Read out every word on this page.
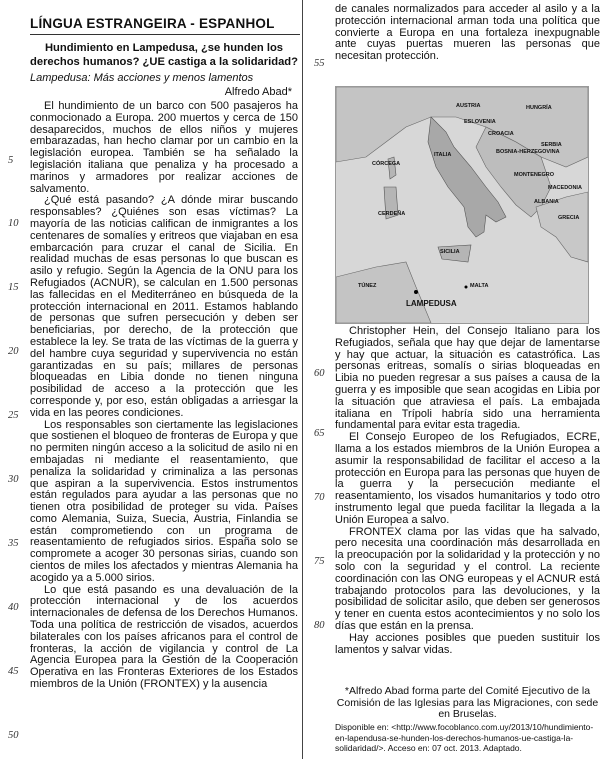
LÍNGUA ESTRANGEIRA - ESPANHOL
Hundimiento en Lampedusa, ¿se hunden los derechos humanos? ¿UE castiga a la solidaridad?
Lampedusa: Más acciones y menos lamentos
Alfredo Abad*

El hundimiento de un barco con 500 pasajeros ha conmocionado a Europa. 200 muertos y cerca de 150 desaparecidos, muchos de ellos niños y mujeres embarazadas, han hecho clamar por un cambio en la legislación europea. También se ha señalado la legislación italiana que penaliza y ha procesado a marinos y armadores por realizar acciones de salvamento.

¿Qué está pasando? ¿A dónde mirar buscando responsables? ¿Quiénes son esas víctimas? La mayoría de las noticias califican de inmigrantes a los centenares de somalíes y eritreos que viajaban en esa embarcación para cruzar el canal de Sicilia. En realidad muchas de esas personas lo que buscan es asilo y refugio. Según la Agencia de la ONU para los Refugiados (ACNUR), se calculan en 1.500 personas las fallecidas en el Mediterráneo en búsqueda de la protección internacional en 2011. Estamos hablando de personas que sufren persecución y deben ser beneficiarias, por derecho, de la protección que establece la ley. Se trata de las víctimas de la guerra y del hambre cuya seguridad y supervivencia no están garantizadas en su país; millares de personas bloqueadas en Libia donde no tienen ninguna posibilidad de acceso a la protección que les corresponde y, por eso, están obligadas a arriesgar la vida en las peores condiciones.

Los responsables son ciertamente las legislaciones que sostienen el bloqueo de fronteras de Europa y que no permiten ningún acceso a la solicitud de asilo ni en embajadas ni mediante el reasentamiento, que penaliza la solidaridad y criminaliza a las personas que aspiran a la supervivencia. Estos instrumentos están regulados para ayudar a las personas que no tienen otra posibilidad de proteger su vida. Países como Alemania, Suiza, Suecia, Austria, Finlandia se están comprometiendo con un programa de reasentamiento de refugiados sirios. España solo se compromete a acoger 30 personas sirias, cuando son cientos de miles los afectados y mientras Alemania ha acogido ya a 5.000 sirios.

Lo que está pasando es una devaluación de la protección internacional y de los acuerdos internacionales de defensa de los Derechos Humanos. Toda una política de restricción de visados, acuerdos bilaterales con los países africanos para el control de fronteras, la acción de vigilancia y control de La Agencia Europea para la Gestión de la Cooperación Operativa en las Fronteras Exteriores de los Estados miembros de la Unión (FRONTEX) y la ausencia

5
10
15
20
25
30
35
40
45
50
de canales normalizados para acceder al asilo y a la protección internacional arman toda una política que convierte a Europa en una fortaleza inexpugnable ante cuyas puertas mueren las personas que necesitan protección.
AUSTRIA	HUNGRÍA
ESLOVENIA
CROACIA
BOSNIA-HERZEGOVINA
SERBIA
MONTENEGRO
MACEDONIA
ALBANIA
GRECIA
ITALIA
CÓRCEGA
CERDEÑA
SICILIA
MALTA
TÚNEZ
LAMPEDUSA

Christopher Hein, del Consejo Italiano para los Refugiados, señala que hay que dejar de lamentarse y hay que actuar, la situación es catastrófica. Las personas eritreas, somalís o sirias bloqueadas en Libia no pueden regresar a sus países a causa de la guerra y es imposible que sean acogidas en Libia por la situación que atraviesa el país. La embajada italiana en Trípoli habría sido una herramienta fundamental para evitar esta tragedia.

El Consejo Europeo de los Refugiados, ECRE, llama a los estados miembros de la Unión Europea a asumir la responsabilidad de facilitar el acceso a la protección en Europa para las personas que huyen de la guerra y la persecución mediante el reasentamiento, los visados humanitarios y todo otro instrumento legal que pueda facilitar la llegada a la Unión Europea a salvo.

FRONTEX clama por las vidas que ha salvado, pero necesita una coordinación más desarrollada en la preocupación por la solidaridad y la protección y no solo con la seguridad y el control. La reciente coordinación con las ONG europeas y el ACNUR está trabajando protocolos para las devoluciones, y la posibilidad de solicitar asilo, que deben ser generosos y tener en cuenta estos acontecimientos y no solo los días que están en la prensa.

Hay acciones posibles que pueden sustituir los lamentos y salvar vidas.

*Alfredo Abad forma parte del Comité Ejecutivo de la Comisión de las Iglesias para las Migraciones, con sede en Bruselas.
Disponible en: <http://www.focoblanco.com.uy/2013/10/hundimiento-en-lapendusa-se-hunden-los-derechos-humanos-ue-castiga-la-solidaridad/>. Acceso en: 07 oct. 2013. Adaptado.
55
60
65
70
75
80
